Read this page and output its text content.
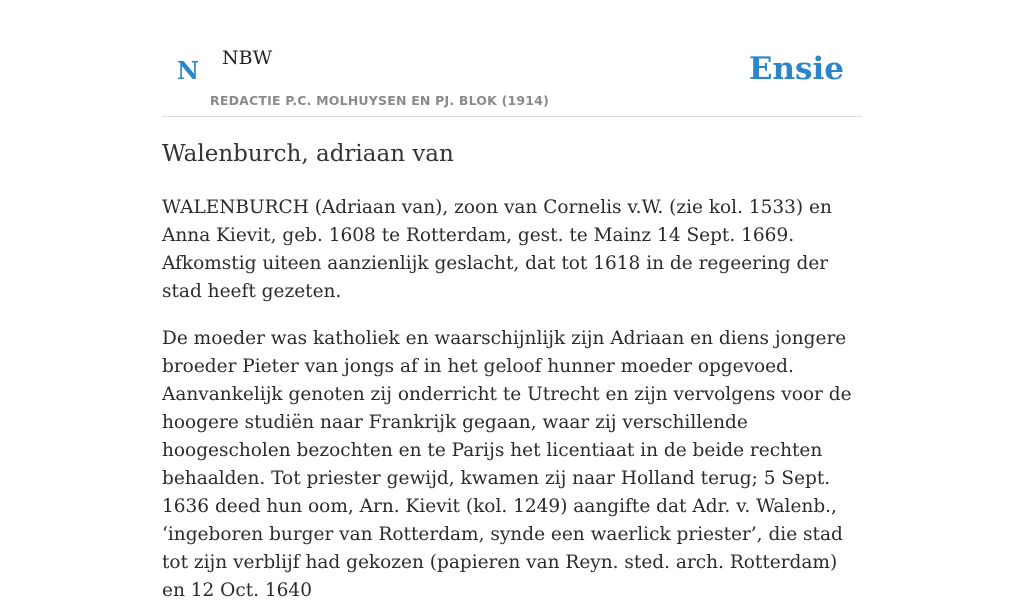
N NBW
REDACTIE P.C. MOLHUYSEN EN PJ. BLOK (1914)
Ensie
Walenburch, adriaan van

WALENBURCH (Adriaan van), zoon van Cornelis v.W. (zie kol. 1533) en Anna Kievit, geb. 1608 te Rotterdam, gest. te Mainz 14 Sept. 1669. Afkomstig uiteen aanzienlijk geslacht, dat tot 1618 in de regeering der stad heeft gezeten.

De moeder was katholiek en waarschijnlijk zijn Adriaan en diens jongere broeder Pieter van jongs af in het geloof hunner moeder opgevoed. Aanvankelijk genoten zij onderricht te Utrecht en zijn vervolgens voor de hoogere studiën naar Frankrijk gegaan, waar zij verschillende hoogescholen bezochten en te Parijs het licentiaat in de beide rechten behaalden. Tot priester gewijd, kwamen zij naar Holland terug; 5 Sept. 1636 deed hun oom, Arn. Kievit (kol. 1249) aangifte dat Adr. v. Walenb., ‘ingeboren burger van Rotterdam, synde een waerlick priester’, die stad tot zijn verblijf had gekozen (papieren van Reyn. sted. arch. Rotterdam) en 12 Oct. 1640
